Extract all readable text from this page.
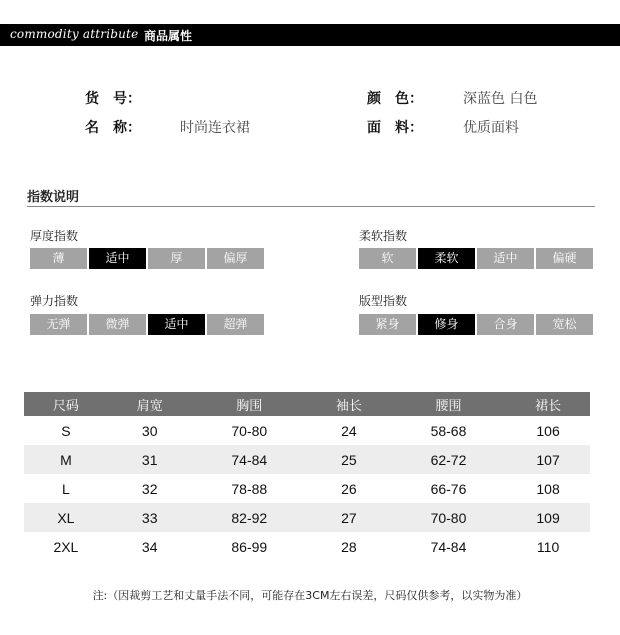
commodity attribute 商品属性
货　号：
名　称：	时尚连衣裙
颜　色：	深蓝色 白色
面　料：	优质面料
指数说明
厚度指数
薄	适中	厚	偏厚
柔软指数
软	柔软	适中	偏硬
弹力指数
无弹	微弹	适中	超弹
版型指数
紧身	修身	合身	宽松
尺码	肩宽	胸围	袖长	腰围	裙长
S	30	70-80	24	58-68	106
M	31	74-84	25	62-72	107
L	32	78-88	26	66-76	108
XL	33	82-92	27	70-80	109
2XL	34	86-99	28	74-84	110
注:（因裁剪工艺和丈量手法不同，可能存在3CM左右误差，尺码仅供参考，以实物为准）
